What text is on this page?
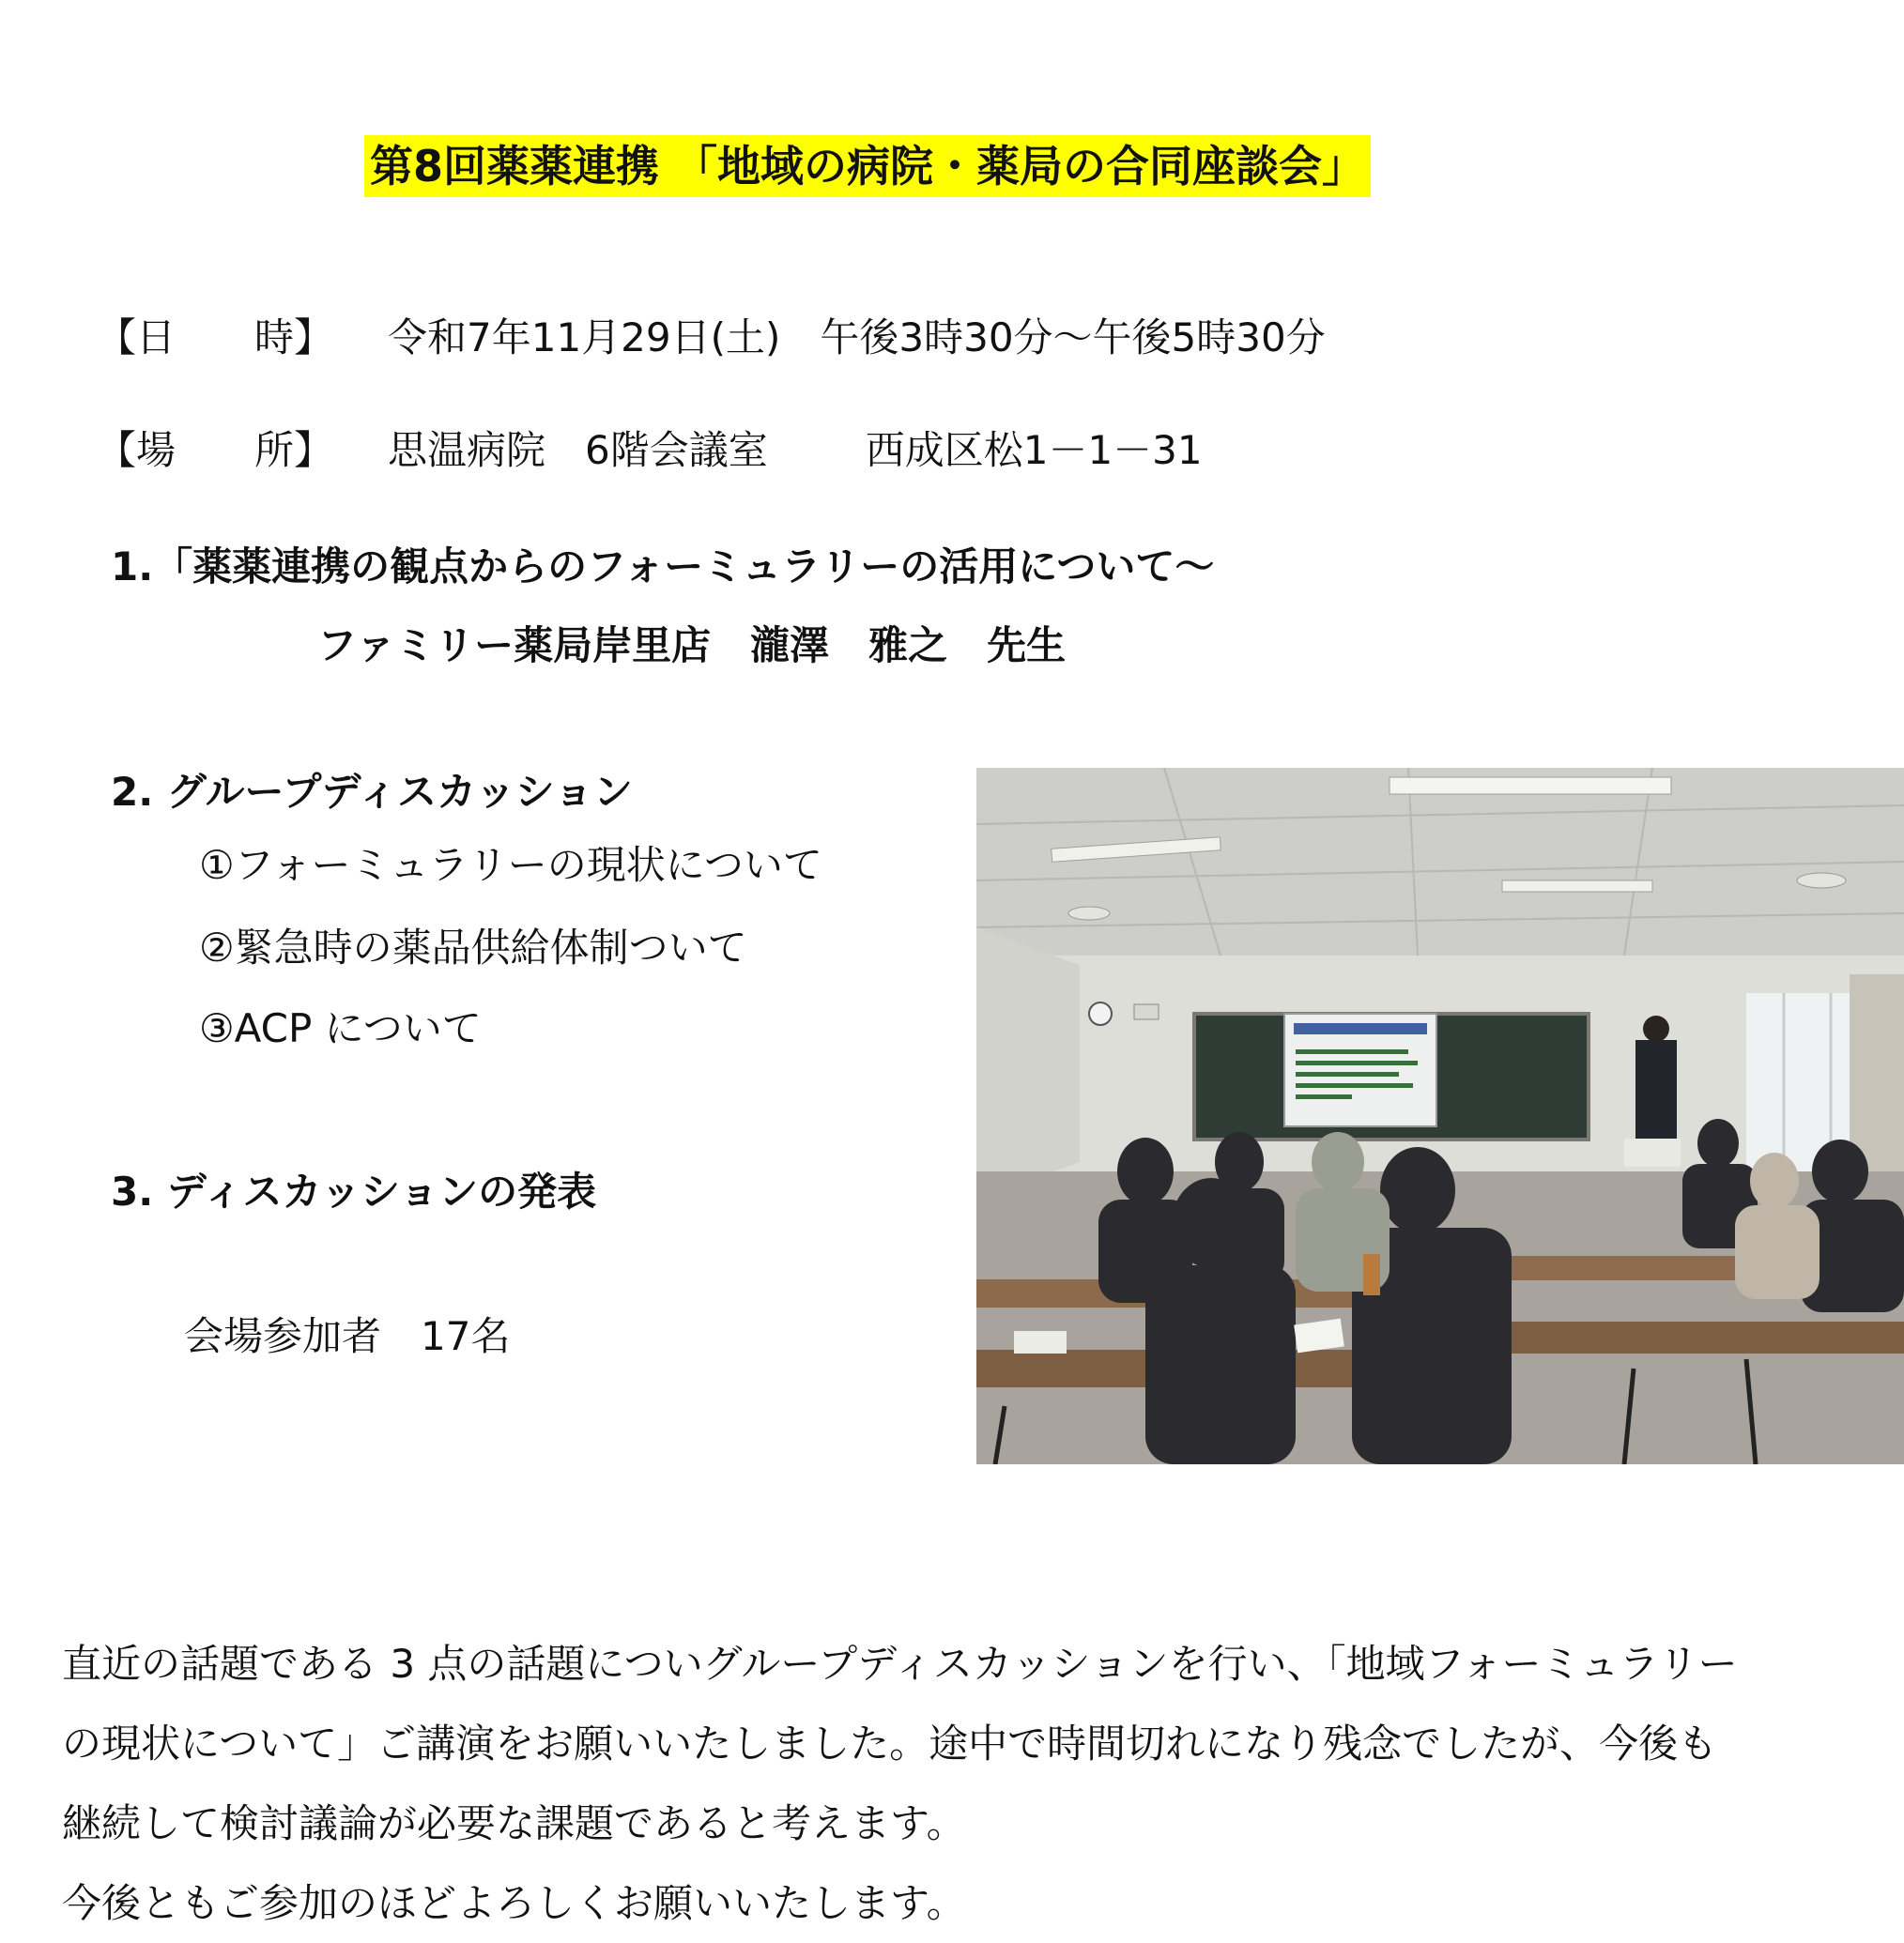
第8回薬薬連携 「地域の病院・薬局の合同座談会」
【日　　時】 令和7年11月29日(土)　午後3時30分～午後5時30分
【場　　所】 思温病院　6階会議室 西成区松1－1－31
1.「薬薬連携の観点からのフォーミュラリーの活用について～
ファミリー薬局岸里店　瀧澤　雅之　先生
2. グループディスカッション
①フォーミュラリーの現状について
②緊急時の薬品供給体制ついて
③ACP について
3. ディスカッションの発表
会場参加者　17名

直近の話題である 3 点の話題についグループディスカッションを行い、「地域フォーミュラリー

の現状について」ご講演をお願いいたしました。途中で時間切れになり残念でしたが、今後も

継続して検討議論が必要な課題であると考えます。

今後ともご参加のほどよろしくお願いいたします。
